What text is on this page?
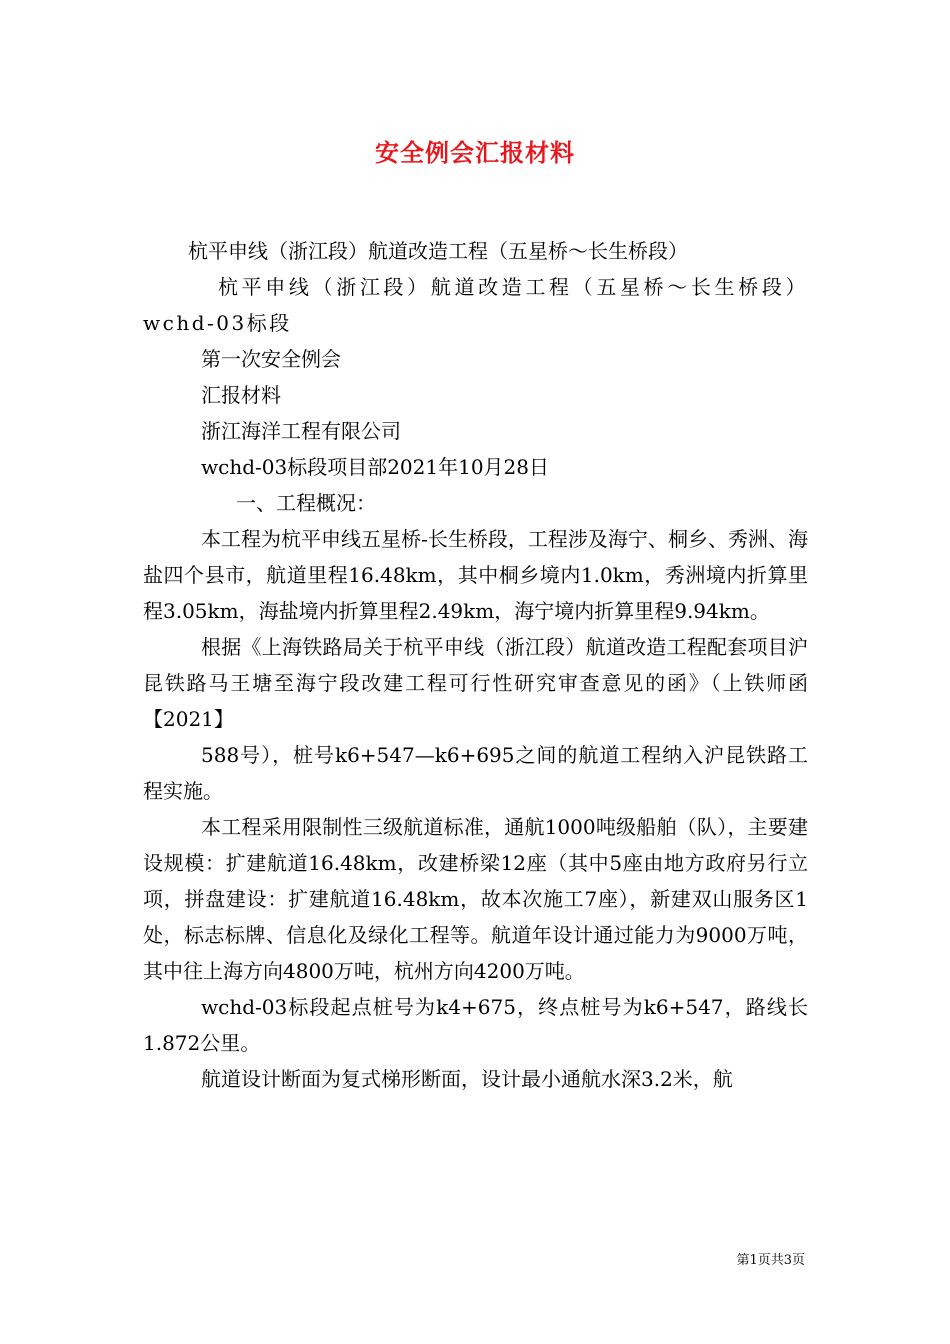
安全例会汇报材料

杭平申线（浙江段）航道改造工程（五星桥～长生桥段）

杭平申线（浙江段）航道改造工程（五星桥～长生桥段）wchd-03标段

第一次安全例会

汇报材料

浙江海洋工程有限公司

wchd-03标段项目部2021年10月28日

一、工程概况：

本工程为杭平申线五星桥-长生桥段，工程涉及海宁、桐乡、秀洲、海盐四个县市，航道里程16.48km，其中桐乡境内1.0km，秀洲境内折算里程3.05km，海盐境内折算里程2.49km，海宁境内折算里程9.94km。

根据《上海铁路局关于杭平申线（浙江段）航道改造工程配套项目沪昆铁路马王塘至海宁段改建工程可行性研究审查意见的函》（上铁师函【2021】

588号），桩号k6+547—k6+695之间的航道工程纳入沪昆铁路工程实施。

本工程采用限制性三级航道标准，通航1000吨级船舶（队），主要建设规模：扩建航道16.48km，改建桥梁12座（其中5座由地方政府另行立项，拼盘建设：扩建航道16.48km，故本次施工7座），新建双山服务区1处，标志标牌、信息化及绿化工程等。航道年设计通过能力为9000万吨，其中往上海方向4800万吨，杭州方向4200万吨。

wchd-03标段起点桩号为k4+675，终点桩号为k6+547，路线长1.872公里。

航道设计断面为复式梯形断面，设计最小通航水深3.2米，航

第1页共3页
